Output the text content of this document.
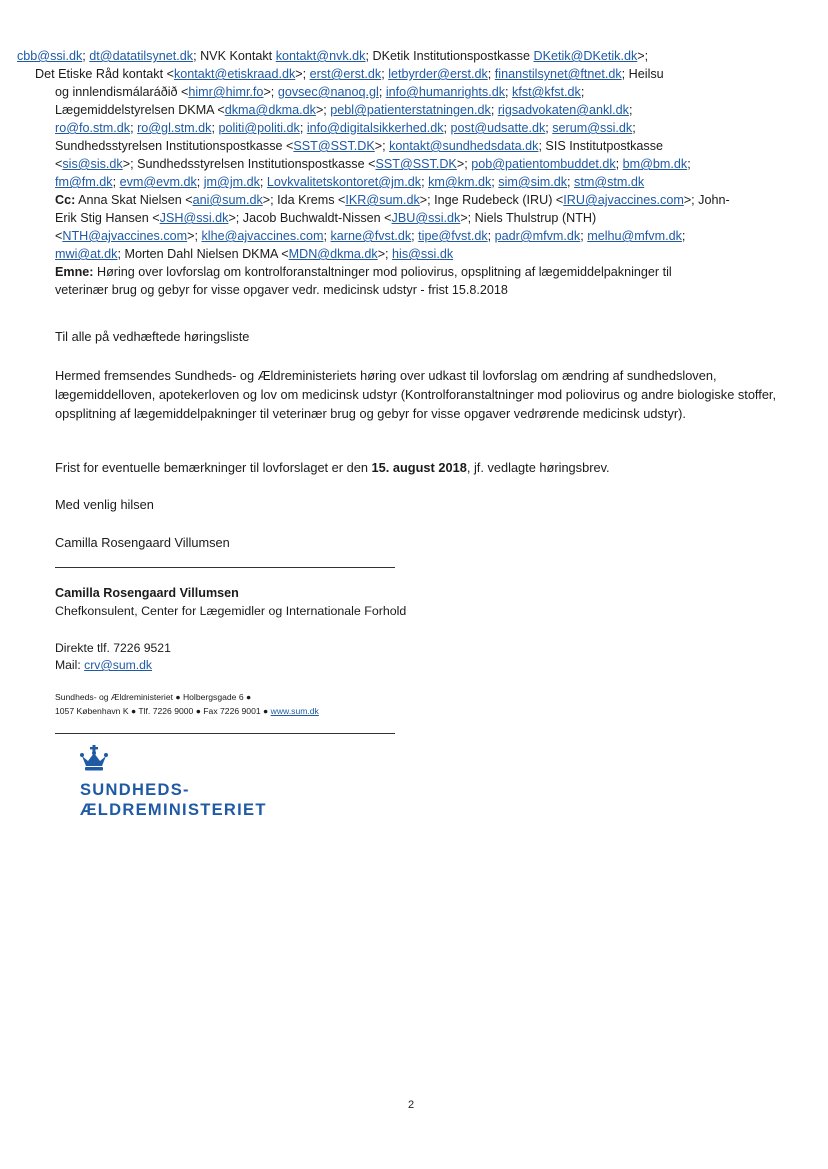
cbb@ssi.dk; dt@datatilsynet.dk; NVK Kontakt kontakt@nvk.dk; DKetik Institutionspostkasse DKetik@DKetik.dk>;
Det Etiske Råd kontakt <kontakt@etiskraad.dk>; erst@erst.dk; letbyrder@erst.dk; finanstilsynet@ftnet.dk; Heilsu
og innlendismálaráðið <himr@himr.fo>; govsec@nanoq.gl; info@humanrights.dk; kfst@kfst.dk;
Lægemiddelstyrelsen DKMA <dkma@dkma.dk>; pebl@patienterstatningen.dk; rigsadvokaten@ankl.dk;
ro@fo.stm.dk; ro@gl.stm.dk; politi@politi.dk; info@digitalsikkerhed.dk; post@udsatte.dk; serum@ssi.dk;
Sundhedsstyrelsen Institutionspostkasse <SST@SST.DK>; kontakt@sundhedsdata.dk; SIS Institutpostkasse
<sis@sis.dk>; Sundhedsstyrelsen Institutionspostkasse <SST@SST.DK>; pob@patientombuddet.dk; bm@bm.dk;
fm@fm.dk; evm@evm.dk; jm@jm.dk; Lovkvalitetskontoret@jm.dk; km@km.dk; sim@sim.dk; stm@stm.dk
Cc: Anna Skat Nielsen <ani@sum.dk>; Ida Krems <IKR@sum.dk>; Inge Rudebeck (IRU) <IRU@ajvaccines.com>; John-
Erik Stig Hansen <JSH@ssi.dk>; Jacob Buchwaldt-Nissen <JBU@ssi.dk>; Niels Thulstrup (NTH)
<NTH@ajvaccines.com>; klhe@ajvaccines.com; karne@fvst.dk; tipe@fvst.dk; padr@mfvm.dk; melhu@mfvm.dk;
mwi@at.dk; Morten Dahl Nielsen DKMA <MDN@dkma.dk>; his@ssi.dk
Emne: Høring over lovforslag om kontrolforanstaltninger mod poliovirus, opsplitning af lægemiddelpakninger til
veterinær brug og gebyr for visse opgaver vedr. medicinsk udstyr - frist 15.8.2018
Til alle på vedhæftede høringsliste
Hermed fremsendes Sundheds- og Ældreministeriets høring over udkast til lovforslag om ændring af sundhedsloven, lægemiddelloven, apotekerloven og lov om medicinsk udstyr (Kontrolforanstaltninger mod poliovirus og andre biologiske stoffer, opsplitning af lægemiddelpakninger til veterinær brug og gebyr for visse opgaver vedrørende medicinsk udstyr).
Frist for eventuelle bemærkninger til lovforslaget er den 15. august 2018, jf. vedlagte høringsbrev.
Med venlig hilsen
Camilla Rosengaard Villumsen
Camilla Rosengaard Villumsen
Chefkonsulent, Center for Lægemidler og Internationale Forhold
Direkte tlf. 7226 9521
Mail: crv@sum.dk
Sundheds- og Ældreministeriet ● Holbergsgade 6 ●
1057 København K ● Tlf. 7226 9000 ● Fax 7226 9001 ● www.sum.dk
SUNDHEDS-
ÆLDREMINISTERIET
2
